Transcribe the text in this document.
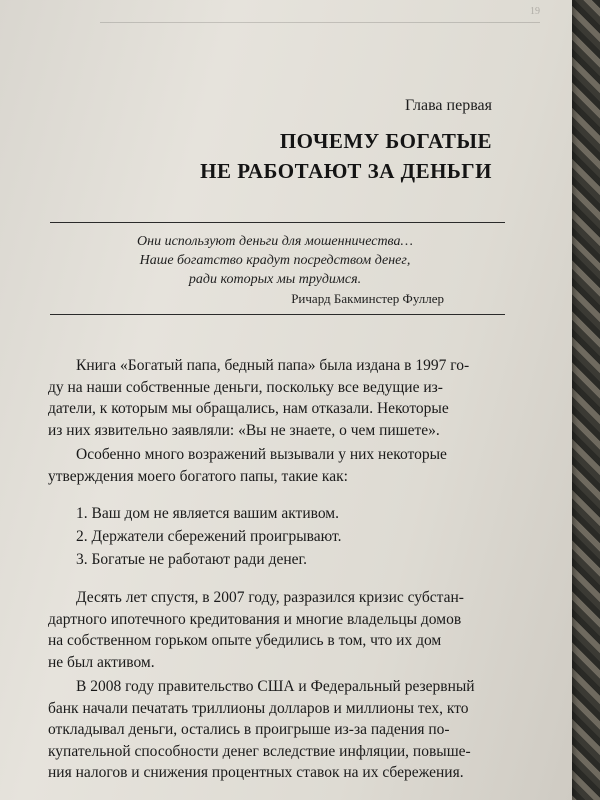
19
Глава первая
ПОЧЕМУ БОГАТЫЕ
НЕ РАБОТАЮТ ЗА ДЕНЬГИ
Они используют деньги для мошенничества…
Наше богатство крадут посредством денег,
ради которых мы трудимся.
Ричард Бакминстер Фуллер
Книга «Богатый папа, бедный папа» была издана в 1997 го-
ду на наши собственные деньги, поскольку все ведущие из-
датели, к которым мы обращались, нам отказали. Некоторые
из них язвительно заявляли: «Вы не знаете, о чем пишете».
Особенно много возражений вызывали у них некоторые
утверждения моего богатого папы, такие как:
1. Ваш дом не является вашим активом.
2. Держатели сбережений проигрывают.
3. Богатые не работают ради денег.
Десять лет спустя, в 2007 году, разразился кризис субстан-
дартного ипотечного кредитования и многие владельцы домов
на собственном горьком опыте убедились в том, что их дом
не был активом.
В 2008 году правительство США и Федеральный резервный
банк начали печатать триллионы долларов и миллионы тех, кто
откладывал деньги, остались в проигрыше из-за падения по-
купательной способности денег вследствие инфляции, повыше-
ния налогов и снижения процентных ставок на их сбережения.
